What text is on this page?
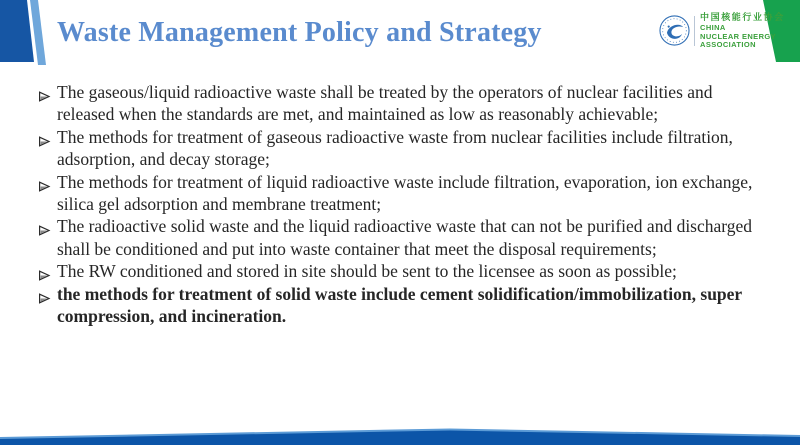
Waste Management Policy and Strategy	中国核能行业协会
CHINA
NUCLEAR ENERGY
ASSOCIATION
The gaseous/liquid radioactive waste shall be treated by the operators of nuclear facilities and released when the standards are met, and maintained as low as reasonably achievable;
The methods for treatment of gaseous radioactive waste from nuclear facilities include filtration, adsorption, and decay storage;
The methods for treatment of liquid radioactive waste include filtration, evaporation, ion exchange, silica gel adsorption and membrane treatment;
The radioactive solid waste and the liquid radioactive waste that can not be purified and discharged shall be conditioned and put into waste container that meet the disposal requirements;
The RW conditioned and stored in site should be sent to the licensee as soon as possible;
the methods for treatment of solid waste include cement solidification/immobilization, super compression, and incineration.
